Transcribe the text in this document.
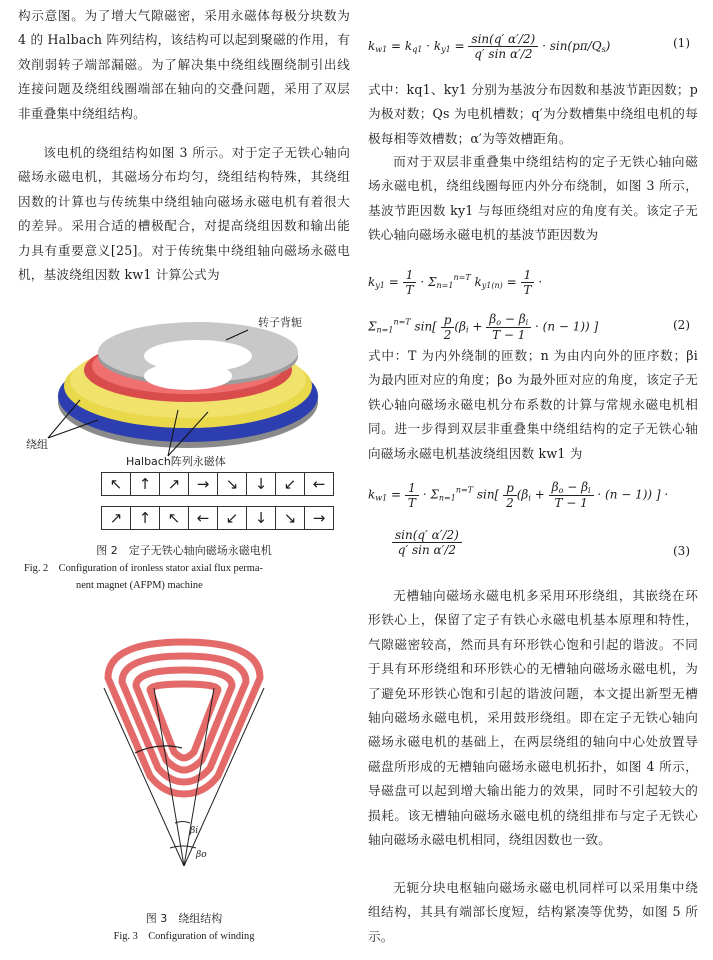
构示意图。为了增大气隙磁密，采用永磁体每极分块数为 4 的 Halbach 阵列结构，该结构可以起到聚磁的作用，有效削弱转子端部漏磁。为了解决集中绕组线圈绕制引出线连接问题及绕组线圈端部在轴向的交叠问题，采用了双层非重叠集中绕组结构。

该电机的绕组结构如图 3 所示。对于定子无铁心轴向磁场永磁电机，其磁场分布均匀，绕组结构特殊，其绕组因数的计算也与传统集中绕组轴向磁场永磁电机有着很大的差异。采用合适的槽极配合，对提高绕组因数和输出能力具有重要意义[25]。对于传统集中绕组轴向磁场永磁电机，基波绕组因数 kw1 计算公式为

转子背轭
绕组
Halbach阵列永磁体
↖	↑	↗	→	↘	↓	↙	←
↗	↑	↖	←	↙	↓	↘	→

图 2　定子无铁心轴向磁场永磁电机

Fig. 2　Configuration of ironless stator axial flux perma-

nent magnet (AFPM) machine

βi
βo

图 3　绕组结构

Fig. 3　Configuration of winding

$k_{w1} = k_{q1} \cdot k_{y1} = \frac{\sin(q' \alpha'/2)}{\text{q′ sin α′/2}} \cdot \sin(p\pi/Q_s)$	(1)

式中：kq1、ky1 分别为基波分布因数和基波节距因数；p 为极对数；Qs 为电机槽数；q′为分数槽集中绕组电机的每极每相等效槽数；α′为等效槽距角。

而对于双层非重叠集中绕组结构的定子无铁心轴向磁场永磁电机，绕组线圈每匝内外分布绕制，如图 3 所示，基波节距因数 ky1 与每匝绕组对应的角度有关。该定子无铁心轴向磁场永磁电机的基波节距因数为

$k_{y1} = \frac{1}{T} \cdot \Sigma_{n=1}^{n=T}$ $k_{y1(n)} = \frac{1}{T}$ ·
$\Sigma_{n=1}^{n=T}$ $\sin[ \frac{p}{2} (\beta_i + \frac{\beta_o - \beta_i}{T - 1} \cdot (n - 1))$ ]	(2)

式中：T 为内外绕制的匝数；n 为由内向外的匝序数；βi 为最内匝对应的角度；βo 为最外匝对应的角度，该定子无铁心轴向磁场永磁电机分布系数的计算与常规永磁电机相同。进一步得到双层非重叠集中绕组结构的定子无铁心轴向磁场永磁电机基波绕组因数 kw1 为

$k_{w1} = \frac{1}{T} \cdot \Sigma_{n=1}^{n=T}$ $\sin[ \frac{p}{2} (\beta_i + \frac{\beta_o - \beta_i}{T - 1} \cdot (n - 1))$ ] ·
$\frac{\sin(q' \alpha'/2)}{\text{q′ sin α′/2}}$	(3)

无槽轴向磁场永磁电机多采用环形绕组，其嵌绕在环形铁心上，保留了定子有铁心永磁电机基本原理和特性，气隙磁密较高，然而具有环形铁心饱和引起的谐波。不同于具有环形绕组和环形铁心的无槽轴向磁场永磁电机，为了避免环形铁心饱和引起的谐波问题，本文提出新型无槽轴向磁场永磁电机，采用鼓形绕组。即在定子无铁心轴向磁场永磁电机的基础上，在两层绕组的轴向中心处放置导磁盘所形成的无槽轴向磁场永磁电机拓扑，如图 4 所示，导磁盘可以起到增大输出能力的效果，同时不引起较大的损耗。该无槽轴向磁场永磁电机的绕组排布与定子无铁心轴向磁场永磁电机相同，绕组因数也一致。

无轭分块电枢轴向磁场永磁电机同样可以采用集中绕组结构，其具有端部长度短，结构紧凑等优势，如图 5 所示。
